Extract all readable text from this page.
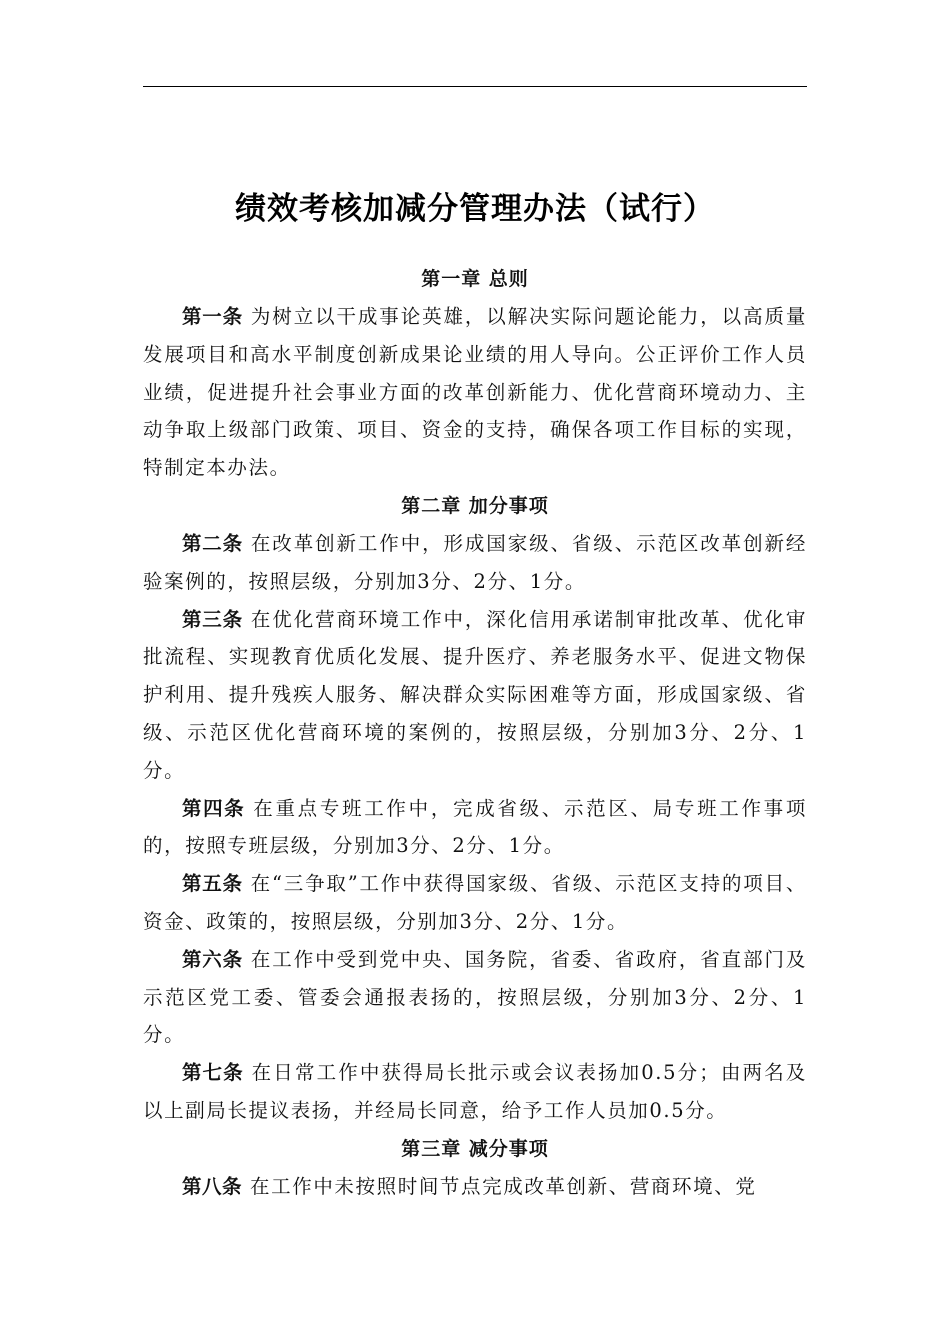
绩效考核加减分管理办法（试行）
第一章 总则

第一条 为树立以干成事论英雄，以解决实际问题论能力，以高质量发展项目和高水平制度创新成果论业绩的用人导向。公正评价工作人员业绩，促进提升社会事业方面的改革创新能力、优化营商环境动力、主动争取上级部门政策、项目、资金的支持，确保各项工作目标的实现，特制定本办法。

第二章 加分事项

第二条 在改革创新工作中，形成国家级、省级、示范区改革创新经验案例的，按照层级，分别加3分、2分、1分。

第三条 在优化营商环境工作中，深化信用承诺制审批改革、优化审批流程、实现教育优质化发展、提升医疗、养老服务水平、促进文物保护利用、提升残疾人服务、解决群众实际困难等方面，形成国家级、省级、示范区优化营商环境的案例的，按照层级，分别加3分、2分、1分。

第四条 在重点专班工作中，完成省级、示范区、局专班工作事项的，按照专班层级，分别加3分、2分、1分。

第五条 在“三争取”工作中获得国家级、省级、示范区支持的项目、资金、政策的，按照层级，分别加3分、2分、1分。

第六条 在工作中受到党中央、国务院，省委、省政府，省直部门及示范区党工委、管委会通报表扬的，按照层级，分别加3分、2分、1分。

第七条 在日常工作中获得局长批示或会议表扬加0.5分；由两名及以上副局长提议表扬，并经局长同意，给予工作人员加0.5分。

第三章 减分事项

第八条 在工作中未按照时间节点完成改革创新、营商环境、党
